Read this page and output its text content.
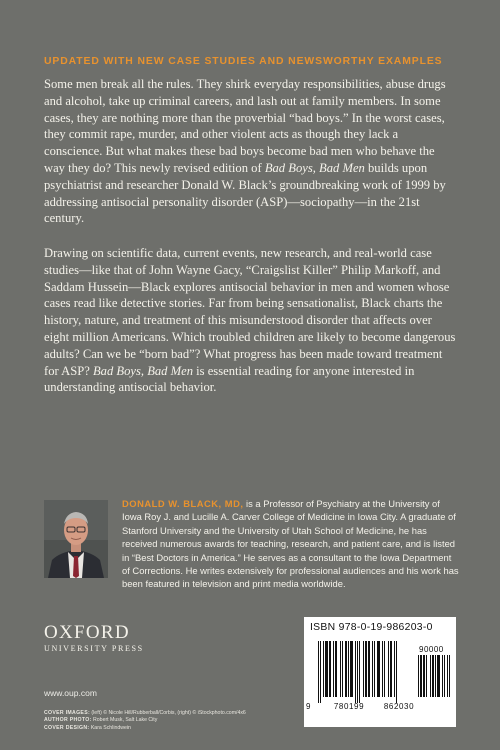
UPDATED WITH NEW CASE STUDIES AND NEWSWORTHY EXAMPLES

Some men break all the rules. They shirk everyday responsibilities, abuse drugs and alcohol, take up criminal careers, and lash out at family members. In some cases, they are nothing more than the proverbial “bad boys.” In the worst cases, they commit rape, murder, and other violent acts as though they lack a conscience. But what makes these bad boys become bad men who behave the way they do? This newly revised edition of Bad Boys, Bad Men builds upon psychiatrist and researcher Donald W. Black’s groundbreaking work of 1999 by addressing antisocial personality disorder (ASP)—sociopathy—in the 21st century.

Drawing on scientific data, current events, new research, and real-world case studies—like that of John Wayne Gacy, “Craigslist Killer” Philip Markoff, and Saddam Hussein—Black explores antisocial behavior in men and women whose cases read like detective stories. Far from being sensationalist, Black charts the history, nature, and treatment of this misunderstood disorder that affects over eight million Americans. Which troubled children are likely to become dangerous adults? Can we be “born bad”? What progress has been made toward treatment for ASP? Bad Boys, Bad Men is essential reading for anyone interested in understanding antisocial behavior.

DONALD W. BLACK, MD, is a Professor of Psychiatry at the University of Iowa Roy J. and Lucille A. Carver College of Medicine in Iowa City. A graduate of Stanford University and the University of Utah School of Medicine, he has received numerous awards for teaching, research, and patient care, and is listed in “Best Doctors in America.” He serves as a consultant to the Iowa Department of Corrections. He writes extensively for professional audiences and his work has been featured in television and print media worldwide.

OXFORD
UNIVERSITY PRESS
www.oup.com
COVER IMAGES: (left) © Nicole Hill/Rubberball/Corbis, (right) © iStockphoto.com/4x6
AUTHOR PHOTO: Robert Musk, Salt Lake City
COVER DESIGN: Kara Schlindwein
ISBN 978-0-19-986203-0
90000
9	780199	862030
